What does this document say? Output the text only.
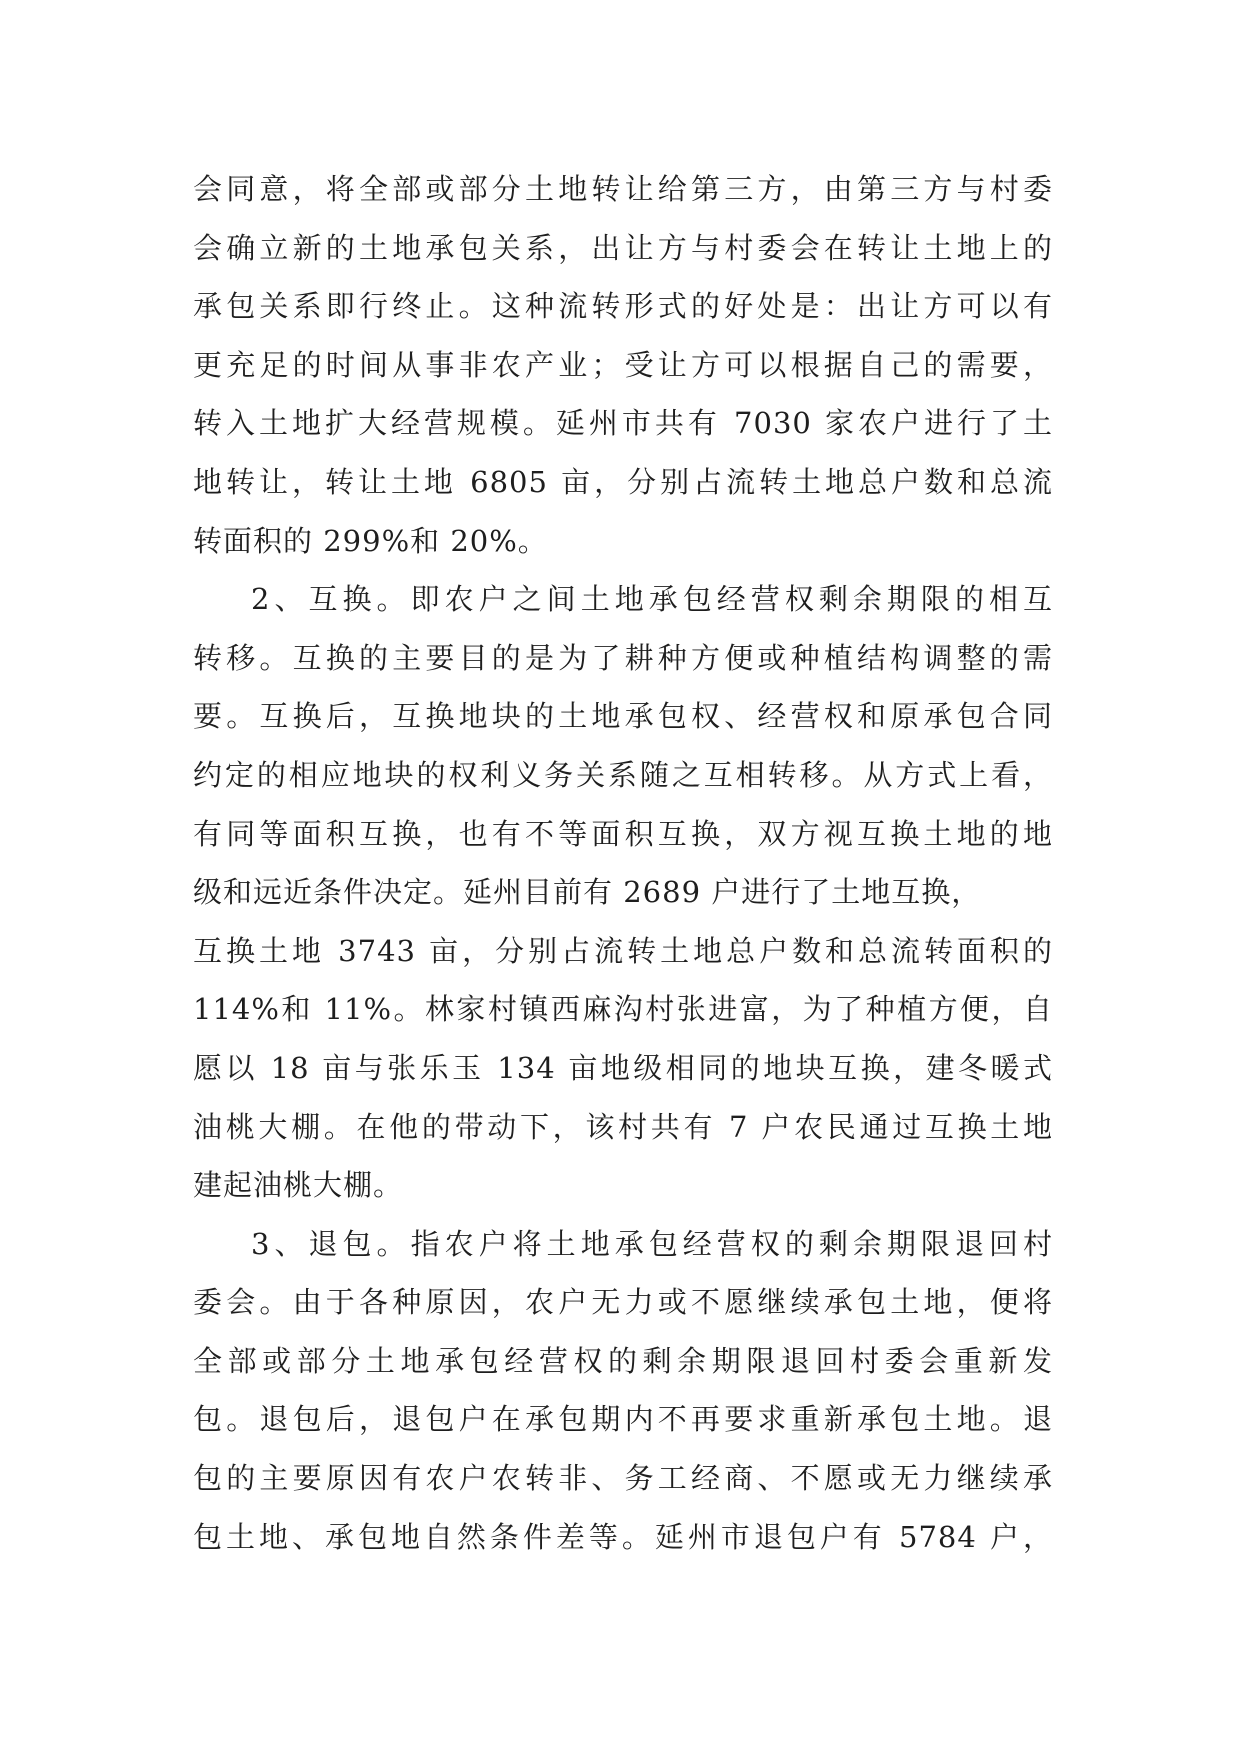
会同意，将全部或部分土地转让给第三方，由第三方与村委
会确立新的土地承包关系，出让方与村委会在转让土地上的
承包关系即行终止。这种流转形式的好处是：出让方可以有
更充足的时间从事非农产业；受让方可以根据自己的需要，
转入土地扩大经营规模。延州市共有 7030 家农户进行了土
地转让，转让土地 6805 亩，分别占流转土地总户数和总流
转面积的 299%和 20%。
2、互换。即农户之间土地承包经营权剩余期限的相互
转移。互换的主要目的是为了耕种方便或种植结构调整的需
要。互换后，互换地块的土地承包权、经营权和原承包合同
约定的相应地块的权利义务关系随之互相转移。从方式上看，
有同等面积互换，也有不等面积互换，双方视互换土地的地
级和远近条件决定。延州目前有 2689 户进行了土地互换，
互换土地 3743 亩，分别占流转土地总户数和总流转面积的
114%和 11%。林家村镇西麻沟村张进富，为了种植方便，自
愿以 18 亩与张乐玉 134 亩地级相同的地块互换，建冬暖式
油桃大棚。在他的带动下，该村共有 7 户农民通过互换土地
建起油桃大棚。
3、退包。指农户将土地承包经营权的剩余期限退回村
委会。由于各种原因，农户无力或不愿继续承包土地，便将
全部或部分土地承包经营权的剩余期限退回村委会重新发
包。退包后，退包户在承包期内不再要求重新承包土地。退
包的主要原因有农户农转非、务工经商、不愿或无力继续承
包土地、承包地自然条件差等。延州市退包户有 5784 户，
